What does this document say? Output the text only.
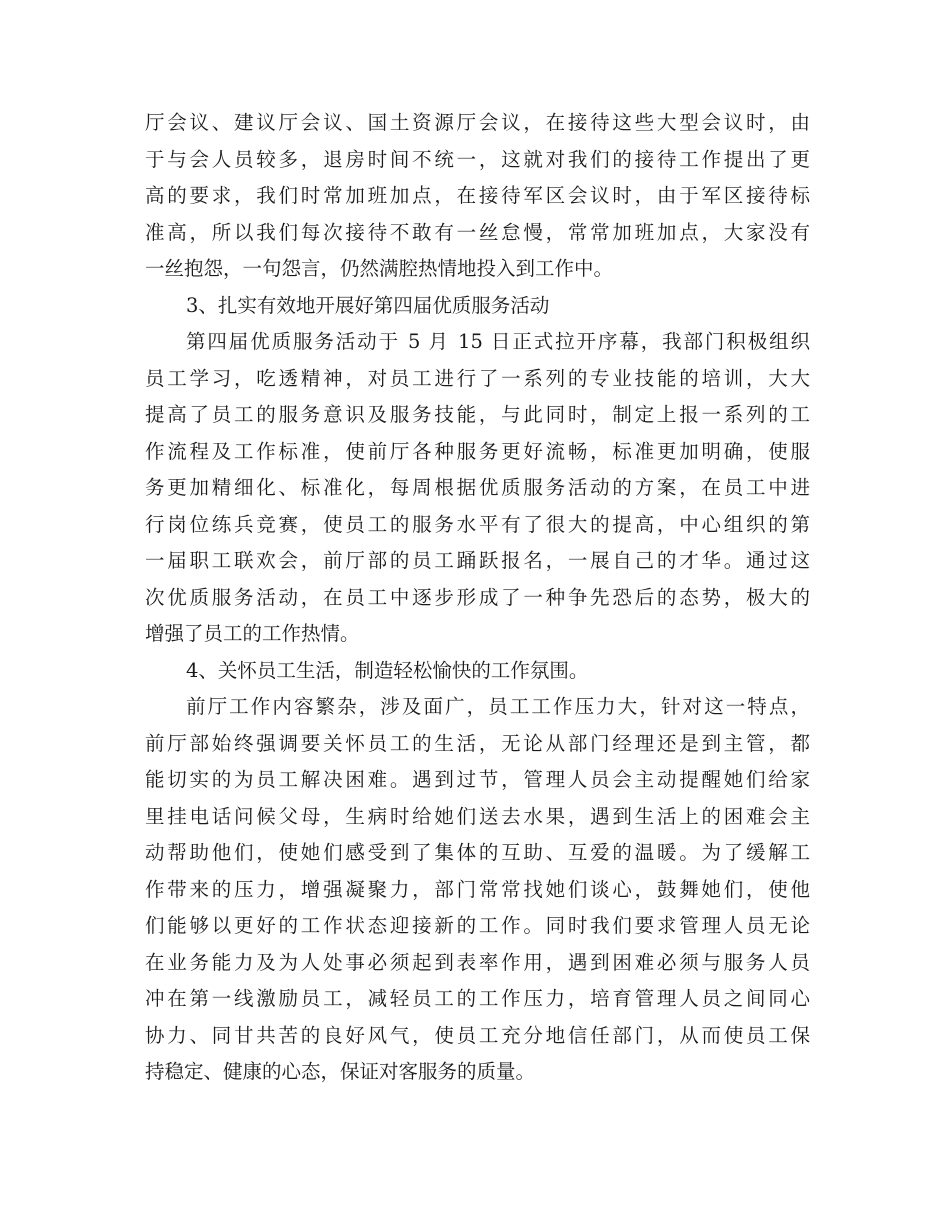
厅会议、建议厅会议、国土资源厅会议，在接待这些大型会议时，由
于与会人员较多，退房时间不统一，这就对我们的接待工作提出了更
高的要求，我们时常加班加点，在接待军区会议时，由于军区接待标
准高，所以我们每次接待不敢有一丝怠慢，常常加班加点，大家没有
一丝抱怨，一句怨言，仍然满腔热情地投入到工作中。
3、扎实有效地开展好第四届优质服务活动
第四届优质服务活动于 5 月 15 日正式拉开序幕，我部门积极组织
员工学习，吃透精神，对员工进行了一系列的专业技能的培训，大大
提高了员工的服务意识及服务技能，与此同时，制定上报一系列的工
作流程及工作标准，使前厅各种服务更好流畅，标准更加明确，使服
务更加精细化、标准化，每周根据优质服务活动的方案，在员工中进
行岗位练兵竞赛，使员工的服务水平有了很大的提高，中心组织的第
一届职工联欢会，前厅部的员工踊跃报名，一展自己的才华。通过这
次优质服务活动，在员工中逐步形成了一种争先恐后的态势，极大的
增强了员工的工作热情。
4、关怀员工生活，制造轻松愉快的工作氛围。
前厅工作内容繁杂，涉及面广，员工工作压力大，针对这一特点，
前厅部始终强调要关怀员工的生活，无论从部门经理还是到主管，都
能切实的为员工解决困难。遇到过节，管理人员会主动提醒她们给家
里挂电话问候父母，生病时给她们送去水果，遇到生活上的困难会主
动帮助他们，使她们感受到了集体的互助、互爱的温暖。为了缓解工
作带来的压力，增强凝聚力，部门常常找她们谈心，鼓舞她们，使他
们能够以更好的工作状态迎接新的工作。同时我们要求管理人员无论
在业务能力及为人处事必须起到表率作用，遇到困难必须与服务人员
冲在第一线激励员工，减轻员工的工作压力，培育管理人员之间同心
协力、同甘共苦的良好风气，使员工充分地信任部门，从而使员工保
持稳定、健康的心态，保证对客服务的质量。
